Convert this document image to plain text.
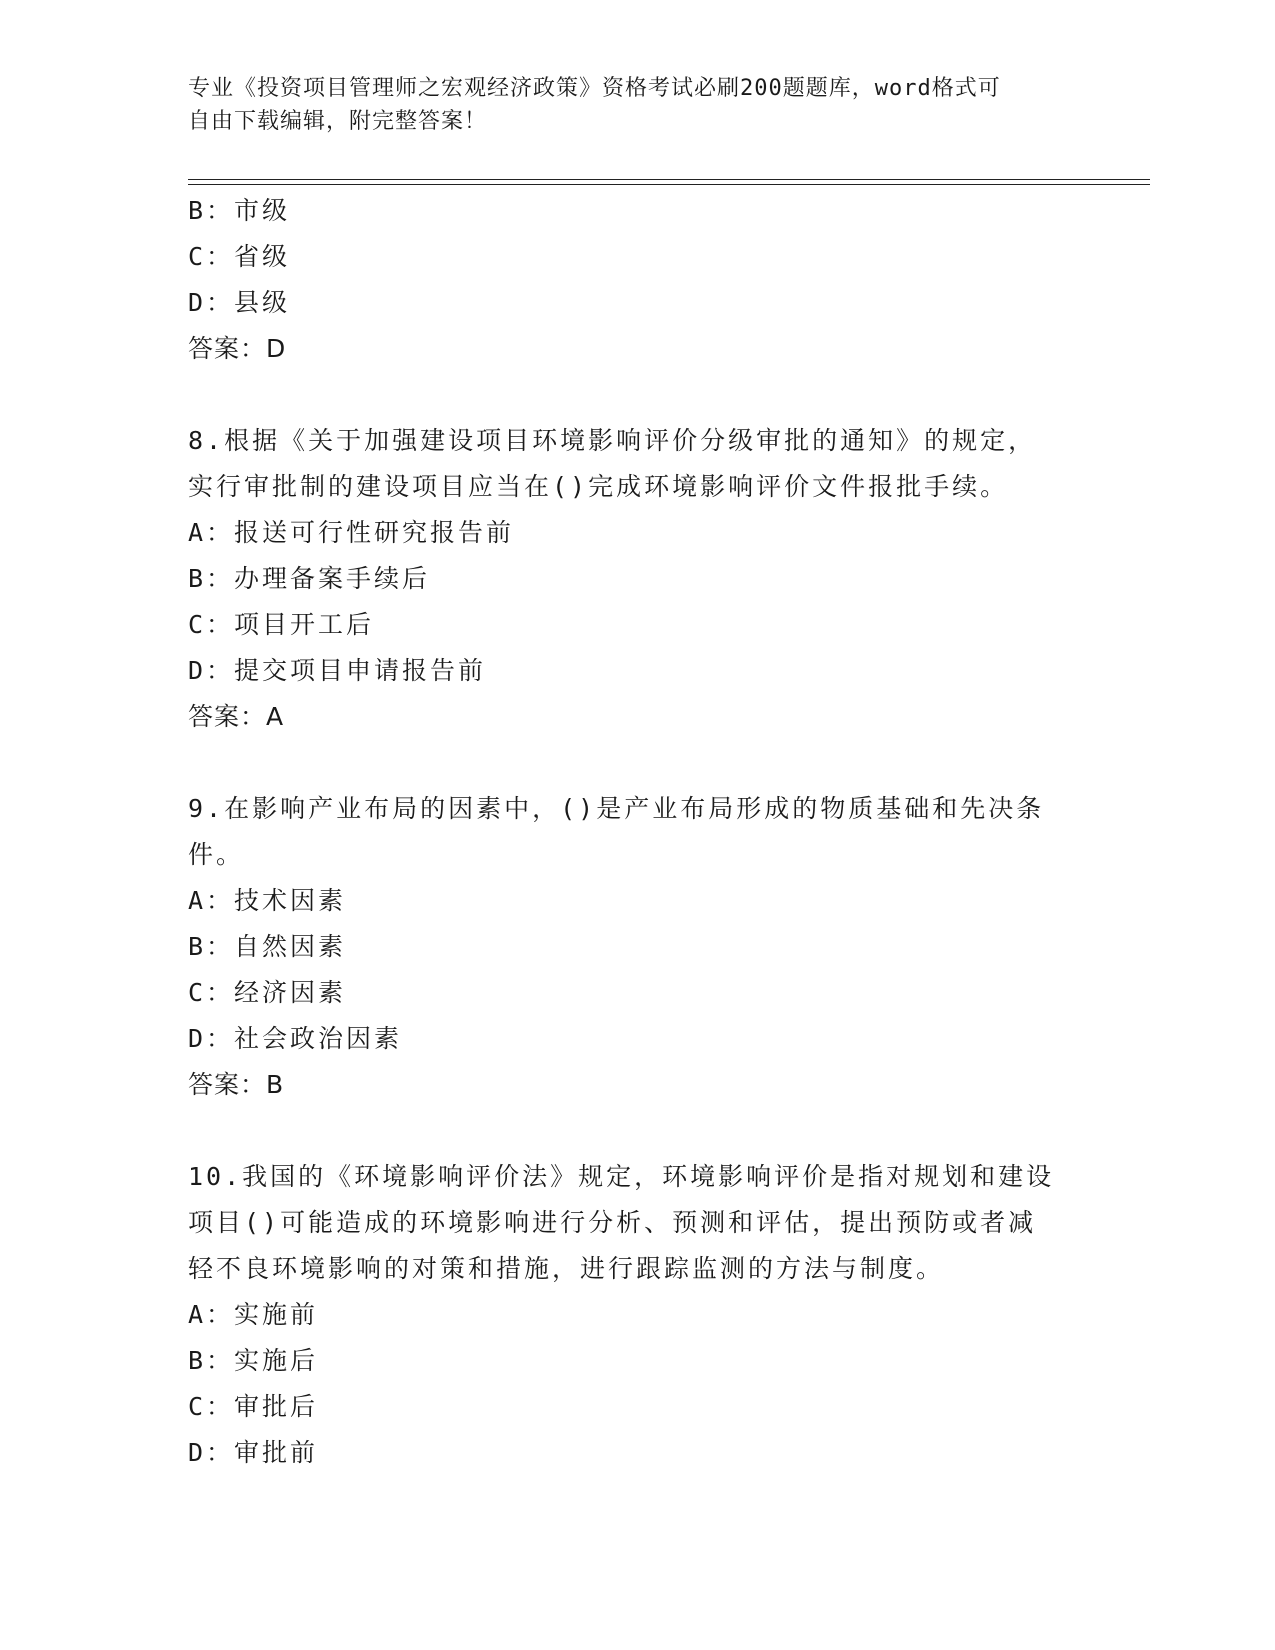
专业《投资项目管理师之宏观经济政策》资格考试必刷200题题库，word格式可
自由下载编辑，附完整答案！
B：市级
C：省级
D：县级
答案：D
8.根据《关于加强建设项目环境影响评价分级审批的通知》的规定，
实行审批制的建设项目应当在()完成环境影响评价文件报批手续。
A：报送可行性研究报告前
B：办理备案手续后
C：项目开工后
D：提交项目申请报告前
答案：A
9.在影响产业布局的因素中，()是产业布局形成的物质基础和先决条
件。
A：技术因素
B：自然因素
C：经济因素
D：社会政治因素
答案：B
10.我国的《环境影响评价法》规定，环境影响评价是指对规划和建设
项目()可能造成的环境影响进行分析、预测和评估，提出预防或者减
轻不良环境影响的对策和措施，进行跟踪监测的方法与制度。
A：实施前
B：实施后
C：审批后
D：审批前
